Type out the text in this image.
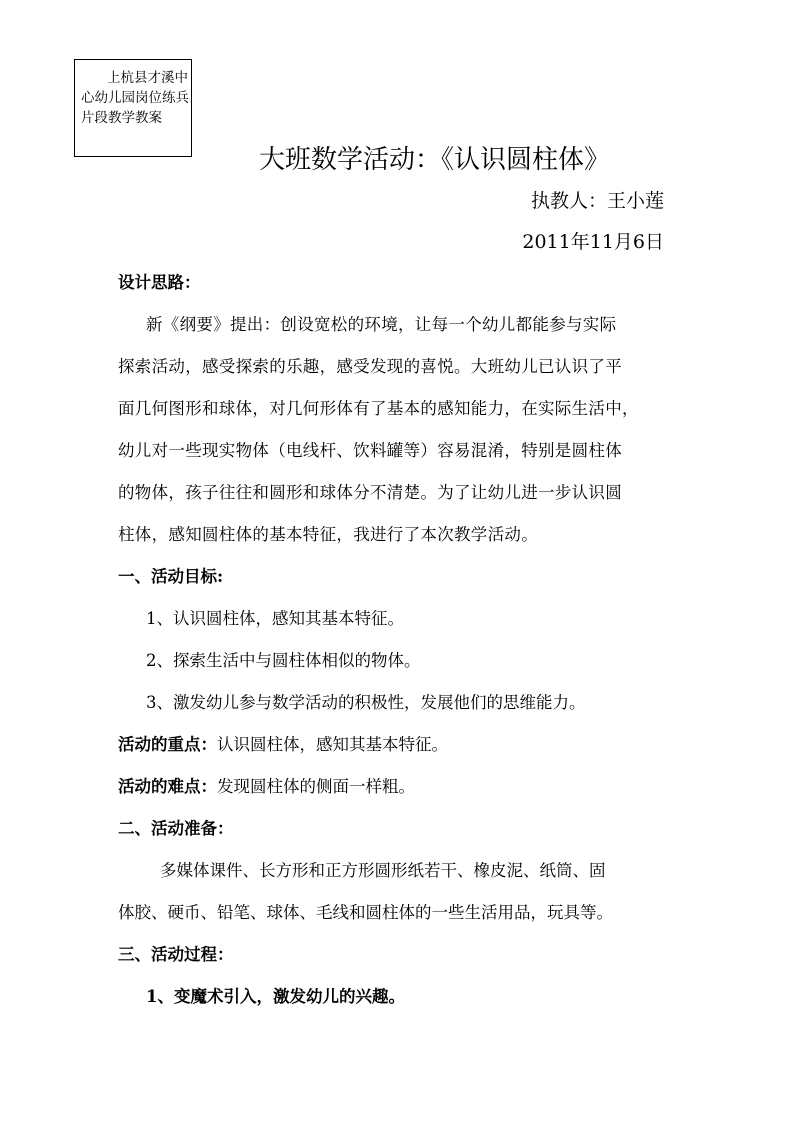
上杭县才溪中心幼儿园岗位练兵片段教学教案
大班数学活动：《认识圆柱体》
执教人：王小莲
2011年11月6日
设计思路：
新《纲要》提出：创设宽松的环境，让每一个幼儿都能参与实际
探索活动，感受探索的乐趣，感受发现的喜悦。大班幼儿已认识了平
面几何图形和球体，对几何形体有了基本的感知能力，在实际生活中，
幼儿对一些现实物体（电线杆、饮料罐等）容易混淆，特别是圆柱体
的物体，孩子往往和圆形和球体分不清楚。为了让幼儿进一步认识圆
柱体，感知圆柱体的基本特征，我进行了本次教学活动。
一、活动目标:
1、认识圆柱体，感知其基本特征。
2、探索生活中与圆柱体相似的物体。
3、激发幼儿参与数学活动的积极性，发展他们的思维能力。
活动的重点：认识圆柱体，感知其基本特征。
活动的难点：发现圆柱体的侧面一样粗。
二、活动准备：
多媒体课件、长方形和正方形圆形纸若干、橡皮泥、纸筒、固
体胶、硬币、铅笔、球体、毛线和圆柱体的一些生活用品，玩具等。
三、活动过程：
1、变魔术引入，激发幼儿的兴趣。
